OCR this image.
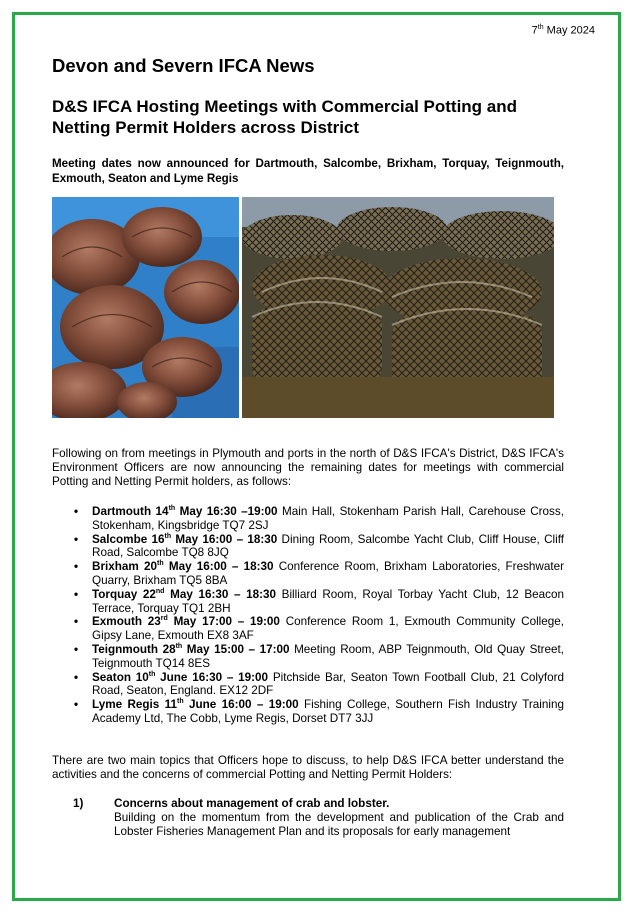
7th May 2024
Devon and Severn IFCA News
D&S IFCA Hosting Meetings with Commercial Potting and Netting Permit Holders across District
Meeting dates now announced for Dartmouth, Salcombe, Brixham, Torquay, Teignmouth, Exmouth, Seaton and Lyme Regis
Following on from meetings in Plymouth and ports in the north of D&S IFCA's District, D&S IFCA's Environment Officers are now announcing the remaining dates for meetings with commercial Potting and Netting Permit holders, as follows:
• Dartmouth 14th May 16:30 –19:00 Main Hall, Stokenham Parish Hall, Carehouse Cross, Stokenham, Kingsbridge TQ7 2SJ
• Salcombe 16th May 16:00 – 18:30 Dining Room, Salcombe Yacht Club, Cliff House, Cliff Road, Salcombe TQ8 8JQ
• Brixham 20th May 16:00 – 18:30 Conference Room, Brixham Laboratories, Freshwater Quarry, Brixham TQ5 8BA
• Torquay 22nd May 16:30 – 18:30 Billiard Room, Royal Torbay Yacht Club, 12 Beacon Terrace, Torquay TQ1 2BH
• Exmouth 23rd May 17:00 – 19:00 Conference Room 1, Exmouth Community College, Gipsy Lane, Exmouth EX8 3AF
• Teignmouth 28th May 15:00 – 17:00 Meeting Room, ABP Teignmouth, Old Quay Street, Teignmouth TQ14 8ES
• Seaton 10th June 16:30 – 19:00 Pitchside Bar, Seaton Town Football Club, 21 Colyford Road, Seaton, England. EX12 2DF
• Lyme Regis 11th June 16:00 – 19:00 Fishing College, Southern Fish Industry Training Academy Ltd, The Cobb, Lyme Regis, Dorset DT7 3JJ
There are two main topics that Officers hope to discuss, to help D&S IFCA better understand the activities and the concerns of commercial Potting and Netting Permit Holders:
1)	Concerns about management of crab and lobster.
Building on the momentum from the development and publication of the Crab and Lobster Fisheries Management Plan and its proposals for early management
